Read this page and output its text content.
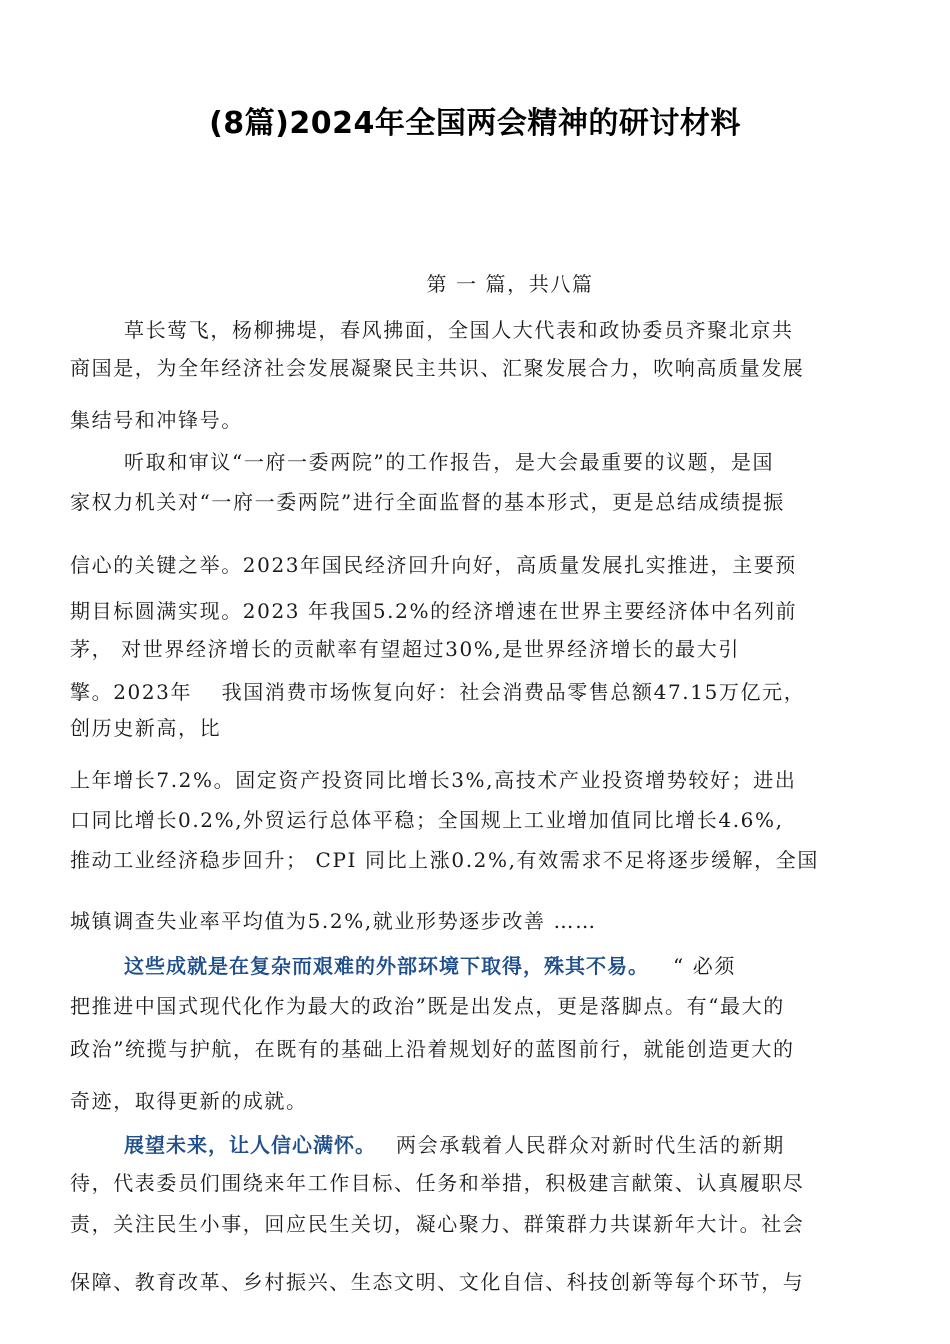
(8篇)2024年全国两会精神的研讨材料
第 一 篇，共八篇
草长莺飞，杨柳拂堤，春风拂面，全国人大代表和政协委员齐聚北京共
商国是，为全年经济社会发展凝聚民主共识、汇聚发展合力，吹响高质量发展
集结号和冲锋号。
听取和审议“一府一委两院”的工作报告，是大会最重要的议题，是国
家权力机关对“一府一委两院”进行全面监督的基本形式，更是总结成绩提振
信心的关键之举。2023年国民经济回升向好，高质量发展扎实推进，主要预
期目标圆满实现。2023 年我国5.2%的经济增速在世界主要经济体中名列前
茅， 对世界经济增长的贡献率有望超过30%,是世界经济增长的最大引
擎。2023年　 我国消费市场恢复向好：社会消费品零售总额47.15万亿元，
创历史新高，比
上年增长7.2%。固定资产投资同比增长3%,高技术产业投资增势较好；进出
口同比增长0.2%,外贸运行总体平稳；全国规上工业增加值同比增长4.6%,
推动工业经济稳步回升； CPI 同比上涨0.2%,有效需求不足将逐步缓解，全国
城镇调查失业率平均值为5.2%,就业形势逐步改善 ……
这些成就是在复杂而艰难的外部环境下取得，殊其不易。 “ 必须
把推进中国式现代化作为最大的政治”既是出发点，更是落脚点。有“最大的
政治”统揽与护航，在既有的基础上沿着规划好的蓝图前行，就能创造更大的
奇迹，取得更新的成就。
展望未来，让人信心满怀。 两会承载着人民群众对新时代生活的新期
待，代表委员们围绕来年工作目标、任务和举措，积极建言献策、认真履职尽
责，关注民生小事，回应民生关切，凝心聚力、群策群力共谋新年大计。社会
保障、教育改革、乡村振兴、生态文明、文化自信、科技创新等每个环节，与
